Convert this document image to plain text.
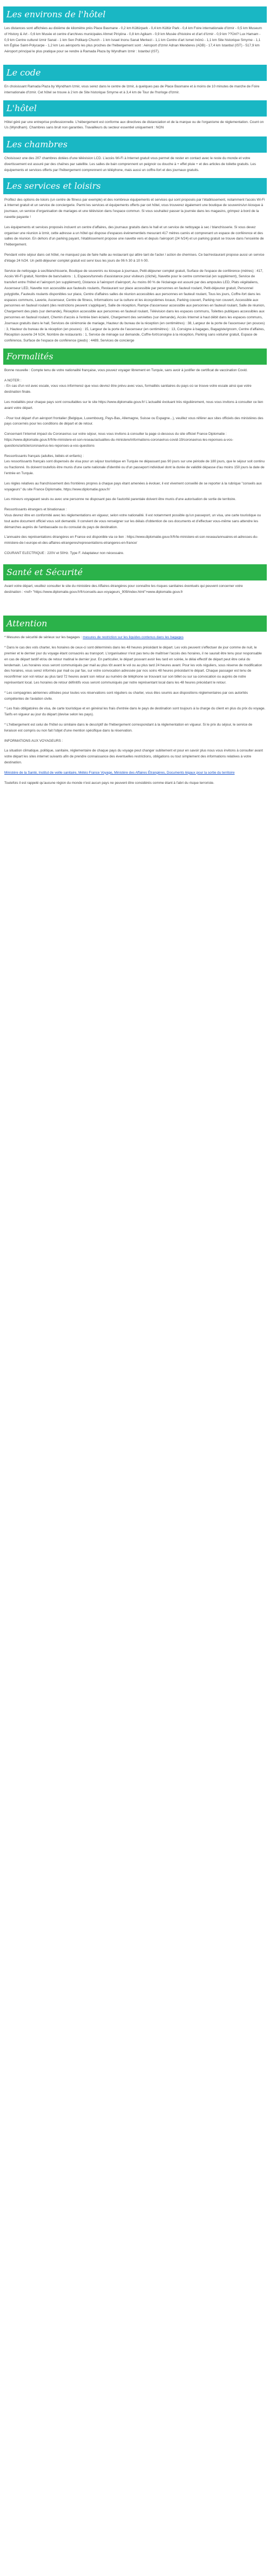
Les environs de l'hôtel

Les distances sont affichées au dixième de kilomètre près Place Basmane - 0,2 km Kültürpark - 0,4 km Kültür Park - 0,4 km Foire internationale d'Izmir - 0,5 km Museum of History & Art - 0,6 km Musée et centre d'archives municipales Ahmet Piriştina - 0,8 km Agikam - 0,9 km Musée d'histoire et d'art d'Izmir - 0,9 km ??Ünl? Lux Hamam - 0,9 km Centre culturel Izmir Sanat - 1 km Sen Polikarp Church - 1 km Israel Inonu Sanat Merkezi - 1,1 km Centre d'art Ismet Inönü - 1,1 km Site historique Smyrne - 1,1 km Église Saint-Polycarpe - 1,2 km Les aéroports les plus proches de l'hébergement sont : Aéroport d'Izmir Adnan Menderes (ADB) - 17,4 km Istanbul (IST) - 517,9 km Aéroport principal le plus pratique pour se rendre à Ramada Plaza by Wyndham Izmir : Istanbul (IST).

Le code

En choisissant Ramada Plaza by Wyndham Izmir, vous serez dans le centre de Izmir, à quelques pas de Place Basmane et à moins de 10 minutes de marche de Foire internationale d'Izmir. Cet hôtel se trouve à 2 km de Site historique Smyrne et à 3,4 km de Tour de l'horloge d'Izmir.

L'hôtel

Hôtel géré par une entreprise professionnelle. L'hébergement est conforme aux directives de distanciation et de la marque ou de l'organisme de réglementation. Count on Us (Wyndham). Chambres sans bruit non garanties. Travailleurs du secteur essentiel uniquement : NON

Les chambres

Choisissez une des 207 chambres dotées d'une télévision LCD. L'accès Wi-Fi à Internet gratuit vous permet de rester en contact avec le reste du monde et votre divertissement est assuré par des chaînes par satellite. Les salles de bain comprennent un peignoir ou douche à + effet pluie + et des articles de toilette gratuits. Les équipements et services offerts par l'hébergement comprennent un téléphone, mais aussi un coffre-fort et des journaux gratuits.

Les services et loisirs

Profitez des options de loisirs (un centre de fitness par exemple) et des nombreux équipements et services qui sont proposés par l'établissement, notamment l'accès Wi-Fi à Internet gratuit et un service de conciergerie. Parmi les services et équipements offerts par cet hôtel, vous trouverez également une boutique de souvenirs/un kiosque à journaux, un service d'organisation de mariages et une télévision dans l'espace commun. Si vous souhaitez passer la journée dans les magasins, grimpez à bord de la navette payante !

Les équipements et services proposés incluent un centre d'affaires, des journaux gratuits dans le hall et un service de nettoyage à sec / blanchisserie. Si vous devez organiser une réunion à Izmir, cette adresse a un hôtel qui dispose d'espaces événementiels mesurant 417 mètres carrés et comprenant un espace de conférence et des salles de réunion. En dehors d'un parking payant, l'établissement propose une navette vers et depuis l'aéroport (24 h/24) et un parking gratuit se trouve dans l'enceinte de l'hébergement.

Pendant votre séjour dans cet hôtel, ne manquez pas de faire halte au restaurant qui attire tant de l'acter / action de chemises. Ce bar/restaurant propose aussi un service d'étage 24 h/24. Un petit-déjeuner complet gratuit est servi tous les jours de 06 h 30 à 10 h 00.

Service de nettoyage à sec/blanchisserie, Boutique de souvenirs ou kiosque à journaux, Petit-déjeuner complet gratuit, Surface de l'espace de conférence (mètres) : 417, Accès Wi-Fi gratuit, Nombre de bars/salons : 1, Espaces/tunnels d'assistance pour visiteurs (cliché), Navette pour le centre commercial (en supplément), Service de transfert entre l'hôtel et l'aéroport (en supplément), Distance à l'aéroport d'aéroport, Au moins 80 % de l'éclairage est assuré par des ampoules LED, Plats végétaliens, Ascenseur LED, Navette non accessible aux fauteuils roulants, Restaurant sur place accessible par personnes en fauteuil roulant, Petit-déjeuner gratuit, Personnel polyglotte, Fauteuils roulants disponibles sur place, Centre d'affaires salles de réunion accessibles aux personnes en fauteuil roulant, Tous les jours, Coffre-fort dans les espaces communs, Laverie, Ascenseur, Centre de fitness, Informations sur la culture et les écosystèmes locaux, Parking couvert, Parking non couvert, Accessible aux personnes en fauteuil roulant (des restrictions peuvent s'appliquer), Salle de réception, Rampe d'ascenseur accessible aux personnes en fauteuil roulant, Salle de réunion, Chargement des plats (sur demande), Réception accessible aux personnes en fauteuil roulant, Télévision dans les espaces communs, Toilettes publiques accessibles aux personnes en fauteuil roulant, Chemin d'accès à l'entrée bien éclairé, Chargement des serviettes (sur demande), Accès Internet à haut débit dans les espaces communs, Journaux gratuits dans le hall, Services de cérémonie de mariage, Hauteur du bureau de la réception (en centimètres) : 38, Largeur de la porte de l'ascenseur (en pouces) : 3, Hauteur du bureau de la réception (en pouces) : 15, Largeur de la porte de l'ascenseur (en centimètres) : 13, Consigne à bagages, Bagagiste/groom, Centre d'affaires, Réception ouverte 24 h/24, Nombre de restaurants : 1, Service de ménage sur demande, Coffre-fort/consigne à la réception, Parking sans voiturier gratuit, Espace de conférence, Surface de l'espace de conférence (pieds) : 4489, Services de concierge

Formalités

Bonne nouvelle : Compte tenu de votre nationalité française, vous pouvez voyager librement en Turquie, sans avoir à justifier de certificat de vaccination Covid.

A NOTER :

- En cas d'un vol avec escale, vous vous informerez que vous devrez être prévu avec vous, formalités sanitaires du pays où se trouve votre escale ainsi que votre destination finale.

Les modalités pour chaque pays sont consultables sur le site https://www.diplomatie.gouv.fr/ L'actualité évoluant très régulièrement, nous vous invitons à consulter ce lien avant votre départ.

- Pour tout départ d'un aéroport frontalier (Belgique, Luxembourg, Pays-Bas, Allemagne, Suisse ou Espagne...), veuillez vous référer aux sites officiels des ministères des pays concernés pour les conditions de départ et de retour.

Concernant l'internet impact du Coronavirus sur votre séjour, nous vous invitons à consulter la page ci-dessous du site officiel France Diplomatie : https://www.diplomatie.gouv.fr/fr/le-ministere-et-son-reseau/actualites-du-ministere/informations-coronavirus-covid-19/coronavirus-les-reponses-a-vos-questions/article/coronavirus-les-reponses-a-vos-questions

Ressortissants français (adultes, bébés et enfants) :

Les ressortissants français sont dispensés de visa pour un séjour touristique en Turquie ne dépassant pas 90 jours sur une période de 180 jours, que le séjour soit continu ou fractionné. Ils doivent toutefois être munis d'une carte nationale d'identité ou d'un passeport individuel dont la durée de validité dépasse d'au moins 150 jours la date de l'entrée en Turquie.

Les règles relatives au franchissement des frontières propres à chaque pays étant amenées à évoluer, il est vivement conseillé de se reporter à la rubrique "conseils aux voyageurs" du site France Diplomatie, https://www.diplomatie.gouv.fr/

Les mineurs voyageant seuls ou avec une personne ne disposant pas de l'autorité parentale doivent être munis d'une autorisation de sortie de territoire.

Ressortissants étrangers et binationaux :

Vous devrez être en conformité avec les réglementations en vigueur, selon votre nationalité. Il est notamment possible qu'un passeport, un visa, une carte touristique ou tout autre document officiel vous soit demandé. Il convient de vous renseigner sur les délais d'obtention de ces documents et d'effectuer vous-même sans attendre les démarches auprès de l'ambassade ou du consulat du pays de destination.

L'annuaire des représentations étrangères en France est disponible via ce lien : https://www.diplomatie.gouv.fr/fr/le-ministere-et-son-reseau/annuaires-et-adresses-du-ministere-de-l-europe-et-des-affaires-etrangeres/representations-etrangeres-en-france/

COURANT ELECTRIQUE : 220V et 50Hz. Type F. Adaptateur non nécessaire.

Santé et Sécurité

Avant votre départ, veuillez consulter le site du ministère des Affaires étrangères pour connaître les risques sanitaires éventuels qui peuvent concerner votre

destination : <ref> "https://www.diplomatie.gouv.fr/fr/conseils-aux-voyageurs_909/index.html">www.diplomatie.gouv.fr

Attention

* Mesures de sécurité de sérieux sur les bagages : mesures de restriction sur les liquides contenus dans les bagages

* Dans le cas des vols charter, les horaires de ceux-ci sont déterminés dans les 48 heures précédant le départ. Les vols peuvent s'effectuer de jour comme de nuit, le premier et le dernier jour du voyage étant consacrés au transport. L'organisateur n'est pas tenu de maîtriser l'accès des horaires, il ne saurait être tenu pour responsable en cas de départ tardif et/ou de retour matinal le dernier jour. En particulier, le départ pouvant avoir lieu tard en soirée, le délai effectif de départ peut être celui du lendemain. Les horaires vous seront communiqués par mail au plus tôt avant le vol ou au plus tard 24 heures avant. Pour les vols réguliers, sous réserve de modification des horaires, vous serez informés par mail ou par fax, sur votre convocation adressée par nos soins 48 heures précédant le départ. Chaque passager est tenu de reconfirmer son vol retour au plus tard 72 heures avant son retour au numéro de téléphone se trouvant sur son billet ou sur sa convocation ou auprès de notre représentant local. Les horaires de retour définitifs vous seront communiqués par notre représentant local dans les 48 heures précédant le retour.

* Les compagnies aériennes utilisées pour toutes vos réservations sont réguliers ou charter, vous êtes soumis aux dispositions réglementaires par ces autorités compétentes de l'aviation civile.

* Les frais obligatoires de visa, de carte touristique et en général les frais d'entrée dans le pays de destination sont toujours à la charge du client en plus du prix du voyage. Tarifs en vigueur au jour du départ (devise selon les pays).

* L'hébergement est celui de l'hôtel ou similaire dans le descriptif de l'hébergement correspondant à la réglementation en vigueur. Si le prix du séjour, le service de livraison est compris ou non fait l'objet d'une mention spécifique dans la réservation.

INFORMATIONS AUX VOYAGEURS :

La situation climatique, politique, sanitaire, réglementaire de chaque pays du voyage peut changer subitement et pour en savoir plus nous vous invitons à consulter avant votre départ les sites internet suivants afin de prendre connaissance des éventuelles restrictions, obligations ou tout simplement des informations relatives à votre destination.

Ministère de la Santé, Institut de veille sanitaire, Météo France Voyage, Ministère des Affaires Étrangères, Documents légaux pour la sortie du territoire

Toutefois il est rappelé qu'aucune région du monde n'est aucun pays ne peuvent être considérés comme étant à l'abri du risque terroriste.
